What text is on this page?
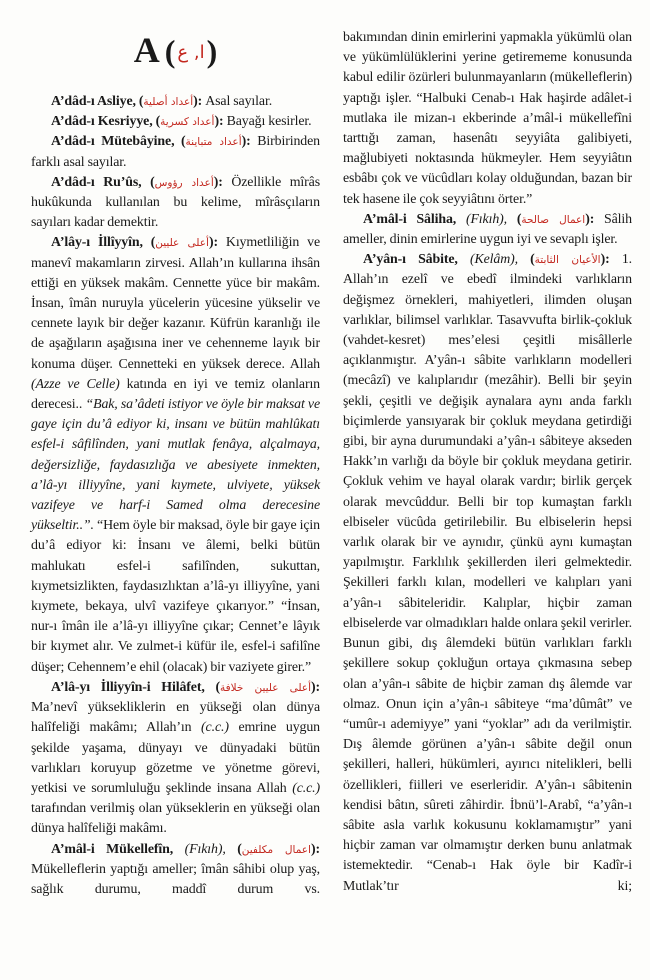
A ( ا, ع)

A’dâd-ı Asliye, (أعداد أصلية): Asal sayılar.

A’dâd-ı Kesriyye, (أعداد كسرية): Bayağı kesirler.

A’dâd-ı Mütebâyine, (أعداد متباينة): Birbirinden farklı asal sayılar.

A’dâd-ı Ru’ûs, (أعداد رؤوس): Özellikle mîrâs hukûkunda kullanılan bu kelime, mîrâsçıların sayıları kadar demektir.

A’lây-ı İllîyyîn, (أعلى عليين): Kıymetliliğin ve manevî makamların zirvesi. Allah’ın kullarına ihsân ettiği en yüksek makâm. Cennette yüce bir makâm. İnsan, îmân nuruyla yücelerin yücesine yükselir ve cennete layık bir değer kazanır. Küfrün karanlığı ile de aşağıların aşağısına iner ve cehenneme layık bir konuma düşer. Cennetteki en yüksek derece. Allah (Azze ve Celle) katında en iyi ve temiz olanların derecesi.. “Bak, sa’âdeti istiyor ve öyle bir maksat ve gaye için du’â ediyor ki, insanı ve bütün mahlûkatı esfel-i sâfilînden, yani mutlak fenâya, alçalmaya, değersizliğe, faydasızlığa ve abesiyete inmekten, a’lâ-yı illiyyîne, yani kıymete, ulviyete, yüksek vazifeye ve harf-i Samed olma derecesine yükseltir..”. “Hem öyle bir maksad, öyle bir gaye için du’â ediyor ki: İnsanı ve âlemi, belki bütün mahlukatı esfel-i safilînden, sukuttan, kıymetsizlikten, faydasızlıktan a’lâ-yı illiyyîne, yani kıymete, bekaya, ulvî vazifeye çıkarıyor.” “İnsan, nur-ı îmân ile a’lâ-yı illiyyîne çıkar; Cennet’e lâyık bir kıymet alır. Ve zulmet-i küfür ile, esfel-i safilîne düşer; Cehennem’e ehil (olacak) bir vaziyete girer.”

A’lâ-yı İlliyyîn-i Hilâfet, (أعلى عليين خلافة): Ma’nevî yüksekliklerin en yükseği olan dünya halîfeliği makâmı; Allah’ın (c.c.) emrine uygun şekilde yaşama, dünyayı ve dünyadaki bütün varlıkları koruyup gözetme ve yönetme görevi, yetkisi ve sorumluluğu şeklinde insana Allah (c.c.) tarafından verilmiş olan yükseklerin en yükseği olan dünya halîfeliği makâmı.

A’mâl-i Mükellefîn, (Fıkıh), (اعمال مكلفين): Mükelleflerin yaptığı ameller; îmân sâhibi olup yaş, sağlık durumu, maddî durum vs.

bakımından dinin emirlerini yapmakla yükümlü olan ve yükümlülüklerini yerine getirememe konusunda kabul edilir özürleri bulunmayanların (mükelleflerin) yaptığı işler. “Halbuki Cenab-ı Hak haşirde adâlet-i mutlaka ile mizan-ı ekberinde a’mâl-i mükellefîni tarttığı zaman, hasenâtı seyyiâta galibiyeti, mağlubiyeti noktasında hükmeyler. Hem seyyiâtın esbâbı çok ve vücûdları kolay olduğundan, bazan bir tek hasene ile çok seyyiâtını örter.”

A’mâl-i Sâliha, (Fıkıh), (اعمال صالحة): Sâlih ameller, dinin emirlerine uygun iyi ve sevaplı işler.

A’yân-ı Sâbite, (Kelâm), (الأعيان الثابتة): 1. Allah’ın ezelî ve ebedî ilmindeki varlıkların değişmez örnekleri, mahiyetleri, ilimden oluşan varlıklar, bilimsel varlıklar. Tasavvufta birlik-çokluk (vahdet-kesret) mes’elesi çeşitli misâllerle açıklanmıştır. A’yân-ı sâbite varlıkların modelleri (mecâzî) ve kalıplarıdır (mezâhir). Belli bir şeyin şekli, çeşitli ve değişik aynalara aynı anda farklı biçimlerde yansıyarak bir çokluk meydana getirdiği gibi, bir ayna durumundaki a’yân-ı sâbiteye akseden Hakk’ın varlığı da böyle bir çokluk meydana getirir. Çokluk vehim ve hayal olarak vardır; birlik gerçek olarak mevcûddur. Belli bir top kumaştan farklı elbiseler vücûda getirilebilir. Bu elbiselerin hepsi varlık olarak bir ve aynıdır, çünkü aynı kumaştan yapılmıştır. Farklılık şekillerden ileri gelmektedir. Şekilleri farklı kılan, modelleri ve kalıpları yani a’yân-ı sâbiteleridir. Kalıplar, hiçbir zaman elbiselerde var olmadıkları halde onlara şekil verirler. Bunun gibi, dış âlemdeki bütün varlıkları farklı şekillere sokup çokluğun ortaya çıkmasına sebep olan a’yân-ı sâbite de hiçbir zaman dış âlemde var olmaz. Onun için a’yân-ı sâbiteye “ma’dûmât” ve “umûr-ı ademiyye” yani “yoklar” adı da verilmiştir. Dış âlemde görünen a’yân-ı sâbite değil onun şekilleri, halleri, hükümleri, ayırıcı nitelikleri, belli özellikleri, fiilleri ve eserleridir. A’yân-ı sâbitenin kendisi bâtın, sûreti zâhirdir. İbnü’l-Arabî, “a’yân-ı sâbite asla varlık kokusunu koklamamıştır” yani hiçbir zaman var olmamıştır derken bunu anlatmak istemektedir. “Cenab-ı Hak öyle bir Kadîr-i Mutlak’tır ki;
